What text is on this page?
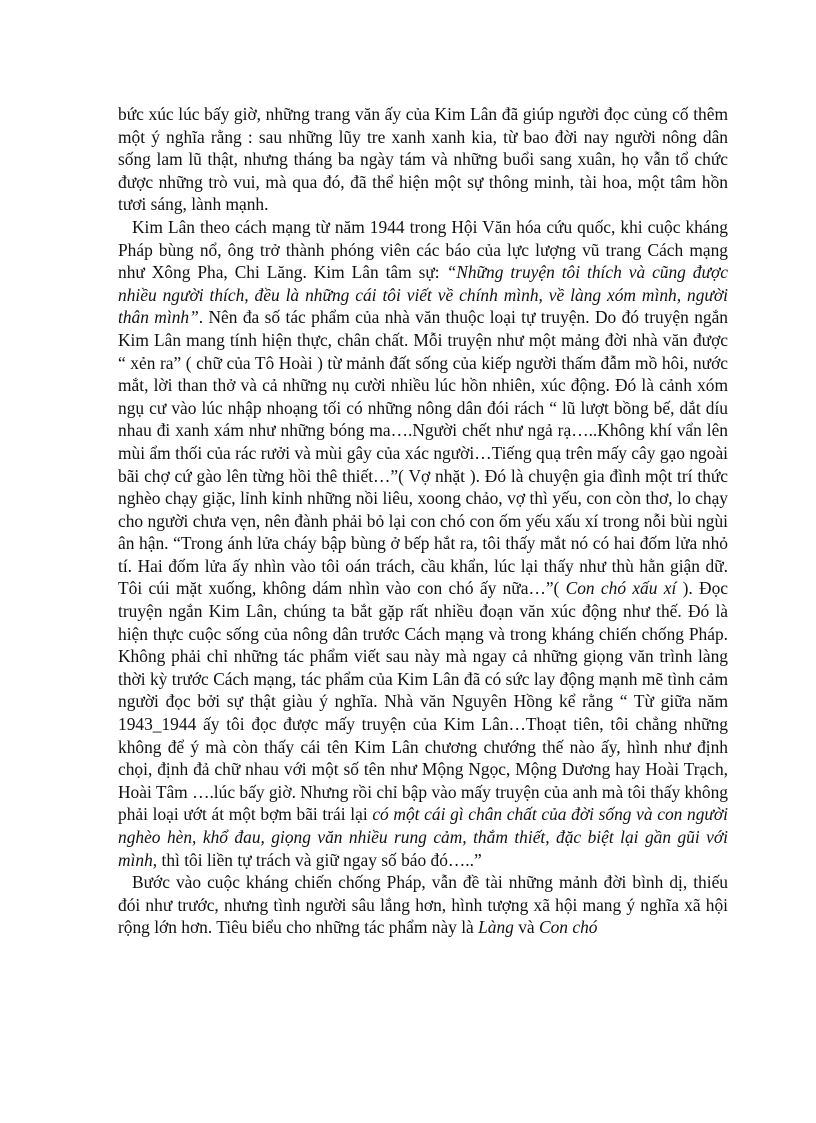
bức xúc lúc bấy giờ, những trang văn ấy của Kim Lân đã giúp người đọc củng cố thêm một ý nghĩa rằng : sau những lũy tre xanh xanh kia, từ bao đời nay người nông dân sống lam lũ thật, nhưng tháng ba ngày tám và những buổi sang xuân, họ vẫn tổ chức được những trò vui, mà qua đó, đã thể hiện một sự thông minh, tài hoa, một tâm hồn tươi sáng, lành mạnh.

Kim Lân theo cách mạng từ năm 1944 trong Hội Văn hóa cứu quốc, khi cuộc kháng Pháp bùng nổ, ông trở thành phóng viên các báo của lực lượng vũ trang Cách mạng như Xông Pha, Chi Lăng. Kim Lân tâm sự: “Những truyện tôi thích và cũng được nhiều người thích, đều là những cái tôi viết về chính mình, về làng xóm mình, người thân mình”. Nên đa số tác phẩm của nhà văn thuộc loại tự truyện. Do đó truyện ngắn Kim Lân mang tính hiện thực, chân chất. Mỗi truyện như một mảng đời nhà văn được “ xẻn ra” ( chữ của Tô Hoài ) từ mảnh đất sống của kiếp người thấm đẫm mồ hôi, nước mắt, lời than thở và cả những nụ cười nhiều lúc hồn nhiên, xúc động. Đó là cảnh xóm ngụ cư vào lúc nhập nhoạng tối có những nông dân đói rách “ lũ lượt bồng bế, dắt díu nhau đi xanh xám như những bóng ma….Người chết như ngả rạ…..Không khí vẩn lên mùi ẩm thối của rác rưởi và mùi gây của xác người…Tiếng quạ trên mấy cây gạo ngoài bãi chợ cứ gào lên từng hồi thê thiết…”( Vợ nhặt ). Đó là chuyện gia đình một trí thức nghèo chạy giặc, lỉnh kỉnh những nồi liêu, xoong chảo, vợ thì yếu, con còn thơ, lo chạy cho người chưa vẹn, nên đành phải bỏ lại con chó con ốm yếu xấu xí trong nỗi bùi ngùi ân hận. “Trong ánh lửa cháy bập bùng ở bếp hắt ra, tôi thấy mắt nó có hai đốm lửa nhỏ tí. Hai đốm lửa ấy nhìn vào tôi oán trách, cầu khẩn, lúc lại thấy như thù hằn giận dữ. Tôi cúi mặt xuống, không dám nhìn vào con chó ấy nữa…”( Con chó xấu xí ). Đọc truyện ngắn Kim Lân, chúng ta bắt gặp rất nhiều đoạn văn xúc động như thế. Đó là hiện thực cuộc sống của nông dân trước Cách mạng và trong kháng chiến chống Pháp. Không phải chỉ những tác phẩm viết sau này mà ngay cả những giọng văn trình làng thời kỳ trước Cách mạng, tác phẩm của Kim Lân đã có sức lay động mạnh mẽ tình cảm người đọc bởi sự thật giàu ý nghĩa. Nhà văn Nguyên Hồng kể rằng “ Từ giữa năm 1943_1944 ấy tôi đọc được mấy truyện của Kim Lân…Thoạt tiên, tôi chẳng những không để ý mà còn thấy cái tên Kim Lân chương chướng thế nào ấy, hình như định chọi, định đả chữ nhau với một số tên như Mộng Ngọc, Mộng Dương hay Hoài Trạch, Hoài Tâm ….lúc bấy giờ. Nhưng rồi chỉ bập vào mấy truyện của anh mà tôi thấy không phải loại ướt át một bợm bãi trái lại có một cái gì chân chất của đời sống và con người nghèo hèn, khổ đau, giọng văn nhiều rung cảm, thắm thiết, đặc biệt lại gần gũi với mình, thì tôi liền tự trách và giữ ngay số báo đó…..”

Bước vào cuộc kháng chiến chống Pháp, vẫn đề tài những mảnh đời bình dị, thiếu đói như trước, nhưng tình người sâu lắng hơn, hình tượng xã hội mang ý nghĩa xã hội rộng lớn hơn. Tiêu biểu cho những tác phẩm này là Làng và Con chó
